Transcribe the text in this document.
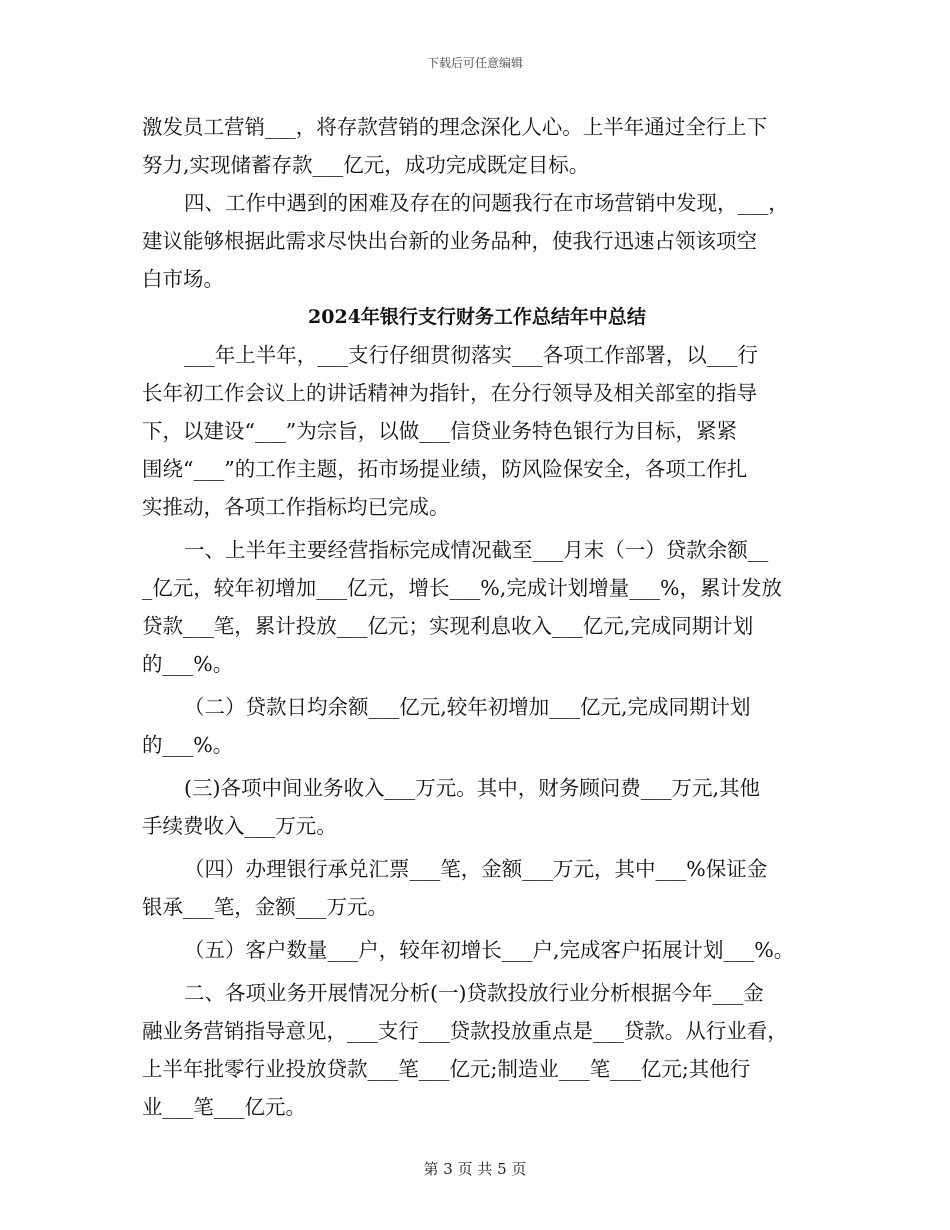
下载后可任意编辑
激发员工营销___，将存款营销的理念深化人心。上半年通过全行上下
努力,实现储蓄存款___亿元，成功完成既定目标。
四、工作中遇到的困难及存在的问题我行在市场营销中发现，___，
建议能够根据此需求尽快出台新的业务品种，使我行迅速占领该项空
白市场。
2024年银行支行财务工作总结年中总结
___年上半年，___支行仔细贯彻落实___各项工作部署，以___行
长年初工作会议上的讲话精神为指针，在分行领导及相关部室的指导
下，以建设“___”为宗旨，以做___信贷业务特色银行为目标，紧紧
围绕“___”的工作主题，拓市场提业绩，防风险保安全，各项工作扎
实推动，各项工作指标均已完成。
一、上半年主要经营指标完成情况截至___月末（一）贷款余额__
_亿元，较年初增加___亿元，增长___%,完成计划增量___%，累计发放
贷款___笔，累计投放___亿元；实现利息收入___亿元,完成同期计划
的___%。
（二）贷款日均余额___亿元,较年初增加___亿元,完成同期计划
的___%。
(三)各项中间业务收入___万元。其中，财务顾问费___万元,其他
手续费收入___万元。
（四）办理银行承兑汇票___笔，金额___万元，其中___%保证金
银承___笔，金额___万元。
（五）客户数量___户，较年初增长___户,完成客户拓展计划___%。
二、各项业务开展情况分析(一)贷款投放行业分析根据今年___金
融业务营销指导意见，___支行___贷款投放重点是___贷款。从行业看，
上半年批零行业投放贷款___笔___亿元;制造业___笔___亿元;其他行
业___笔___亿元。
第 3 页 共 5 页
